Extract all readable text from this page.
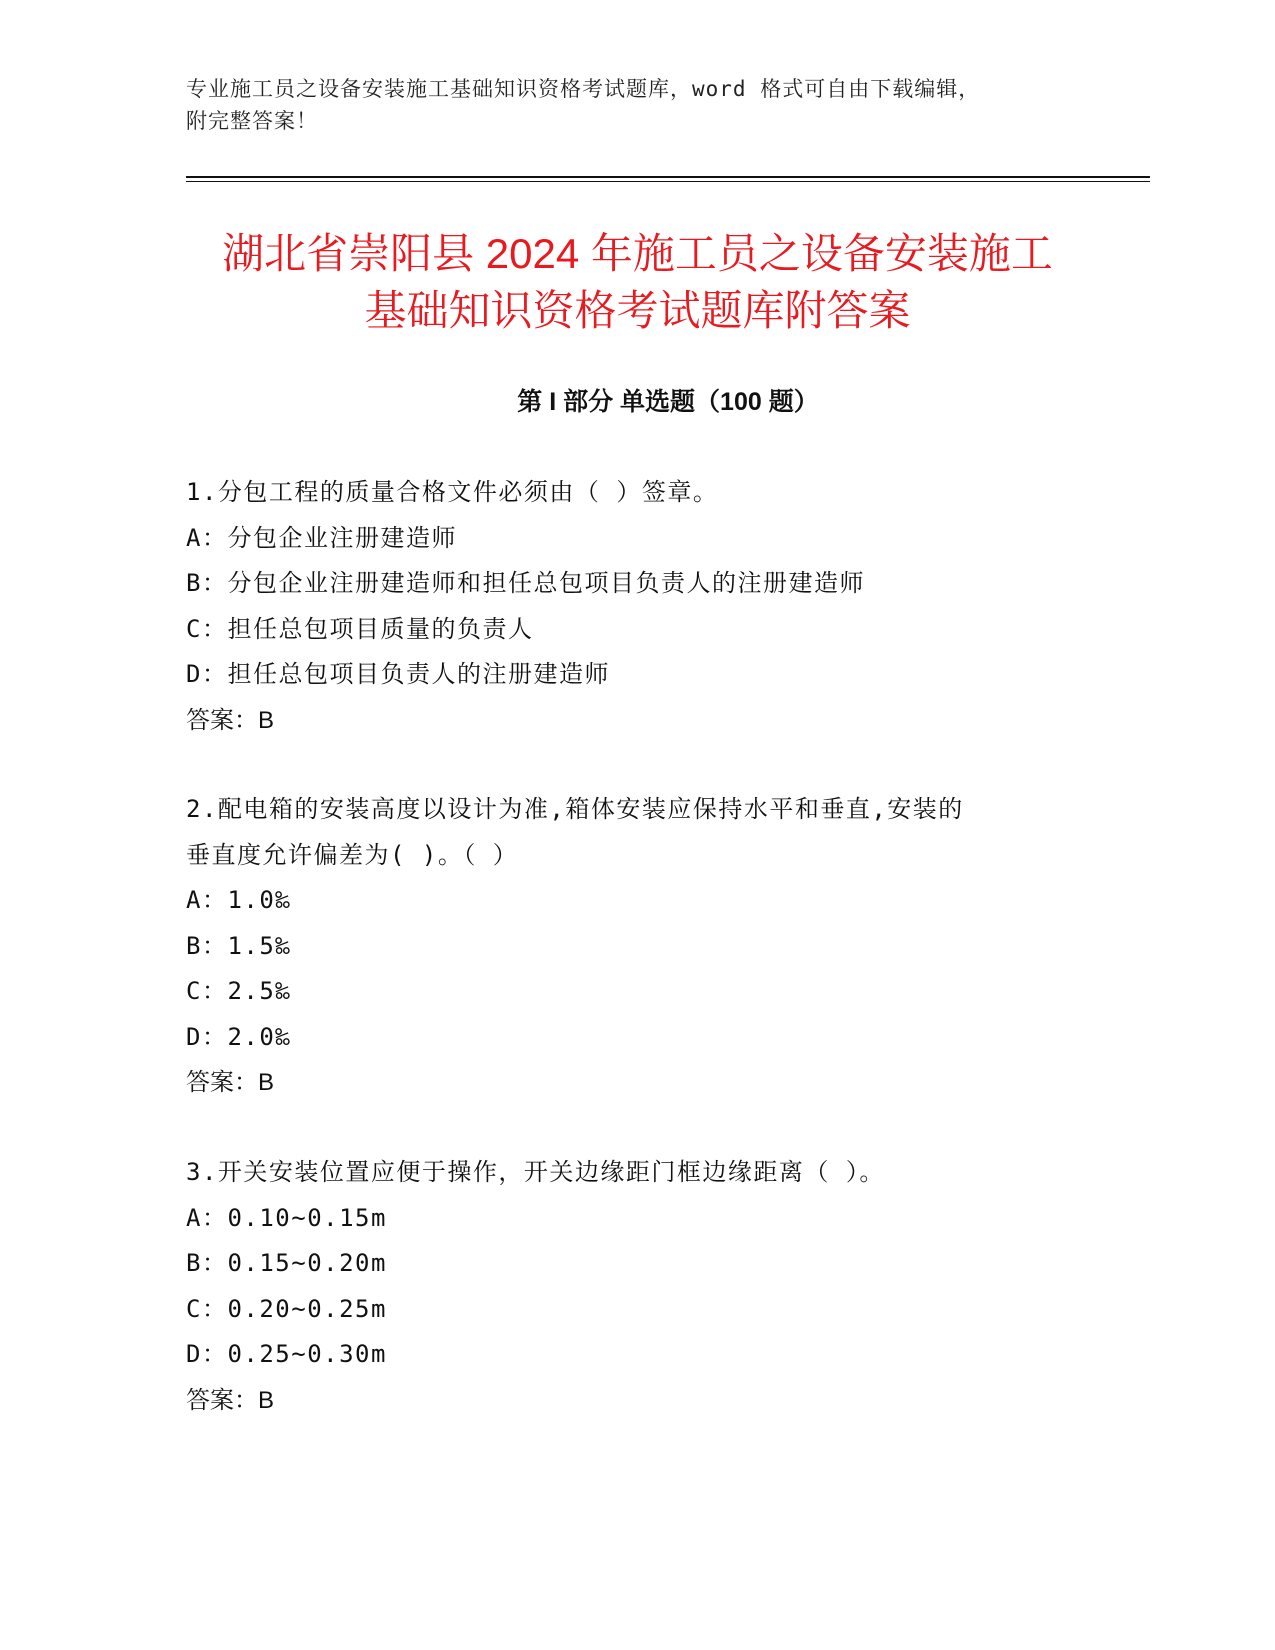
专业施工员之设备安装施工基础知识资格考试题库，word 格式可自由下载编辑，
附完整答案！
湖北省崇阳县 2024 年施工员之设备安装施工
基础知识资格考试题库附答案
第 I 部分 单选题（100 题）

1.分包工程的质量合格文件必须由（ ）签章。

A：分包企业注册建造师

B：分包企业注册建造师和担任总包项目负责人的注册建造师

C：担任总包项目质量的负责人

D：担任总包项目负责人的注册建造师

答案：B

2.配电箱的安装高度以设计为准,箱体安装应保持水平和垂直,安装的

垂直度允许偏差为( )。（ ）

A：1.0‰

B：1.5‰

C：2.5‰

D：2.0‰

答案：B

3.开关安装位置应便于操作，开关边缘距门框边缘距离（ ）。

A：0.10~0.15m

B：0.15~0.20m

C：0.20~0.25m

D：0.25~0.30m

答案：B
